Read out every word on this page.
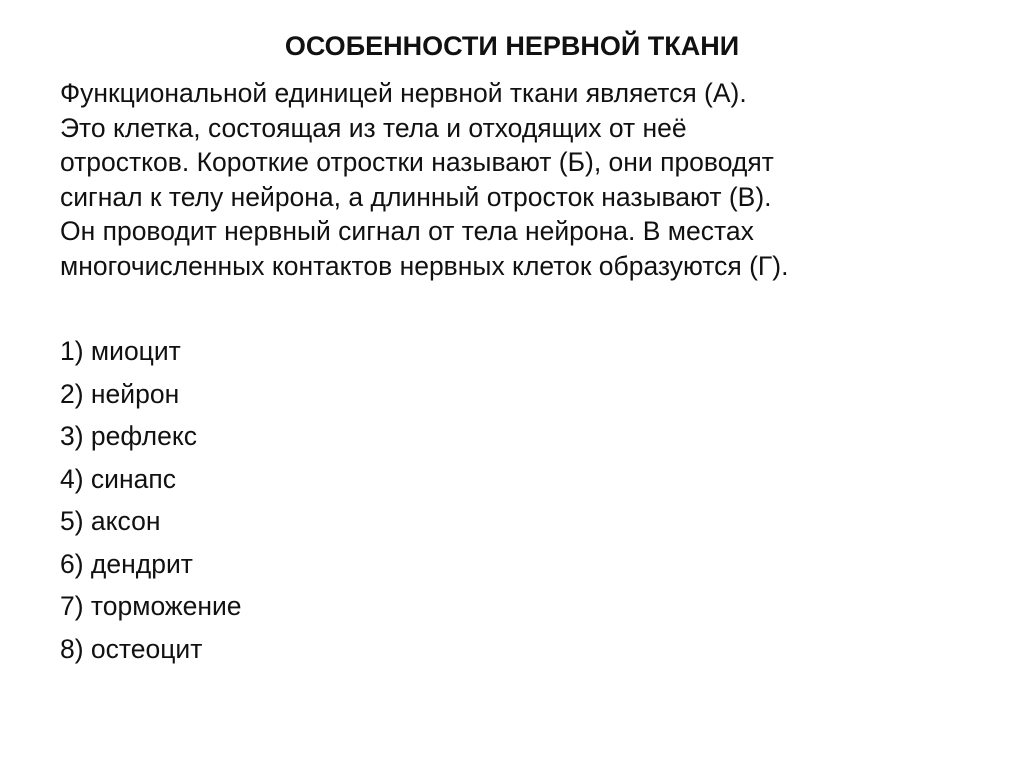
ОСОБЕННОСТИ НЕРВНОЙ ТКАНИ

Функциональной единицей нервной ткани является (А).
Это клетка, состоящая из тела и отходящих от неё
отростков. Короткие отростки называют (Б), они проводят
сигнал к телу нейрона, а длинный отросток называют (В).
Он проводит нервный сигнал от тела нейрона. В местах
многочисленных контактов нервных клеток образуются (Г).

1) миоцит
2) нейрон
3) рефлекс
4) синапс
5) аксон
6) дендрит
7) торможение
8) остеоцит
